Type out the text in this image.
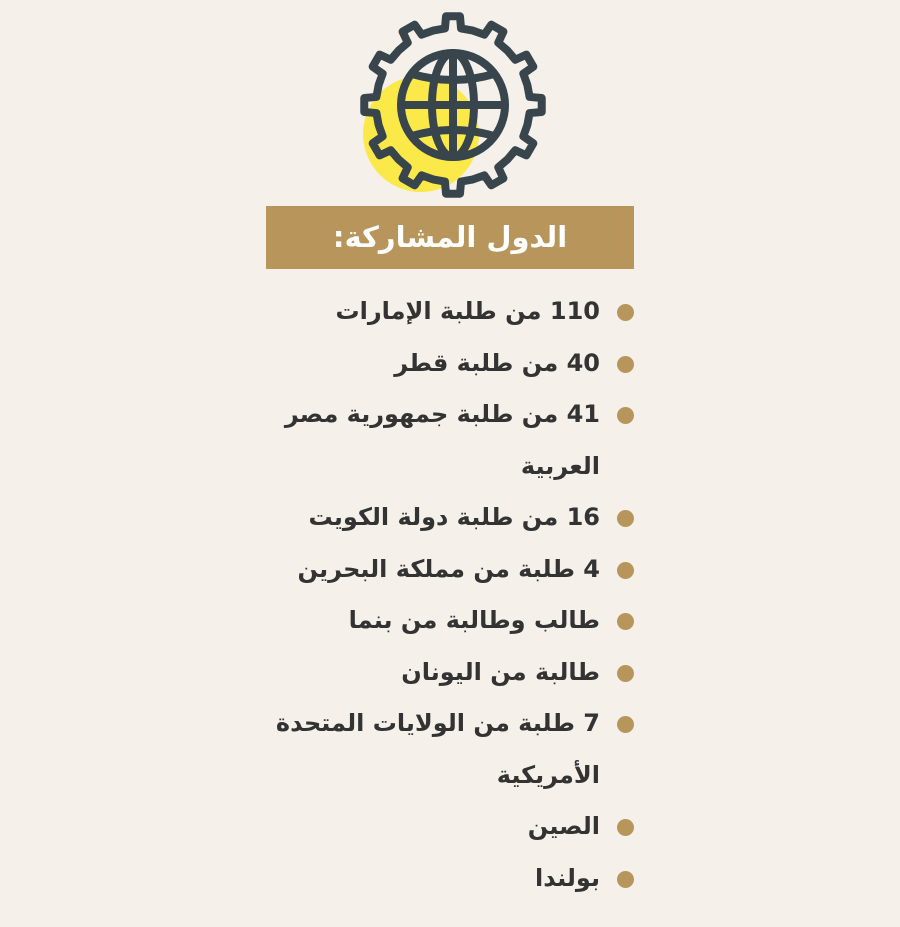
الدول المشاركة:
110 من طلبة الإمارات
40 من طلبة قطر
41 من طلبة جمهورية مصر العربية
16 من طلبة دولة الكويت
4 طلبة من مملكة البحرين
طالب وطالبة من بنما
طالبة من اليونان
7 طلبة من الولايات المتحدة الأمريكية
الصين
بولندا
